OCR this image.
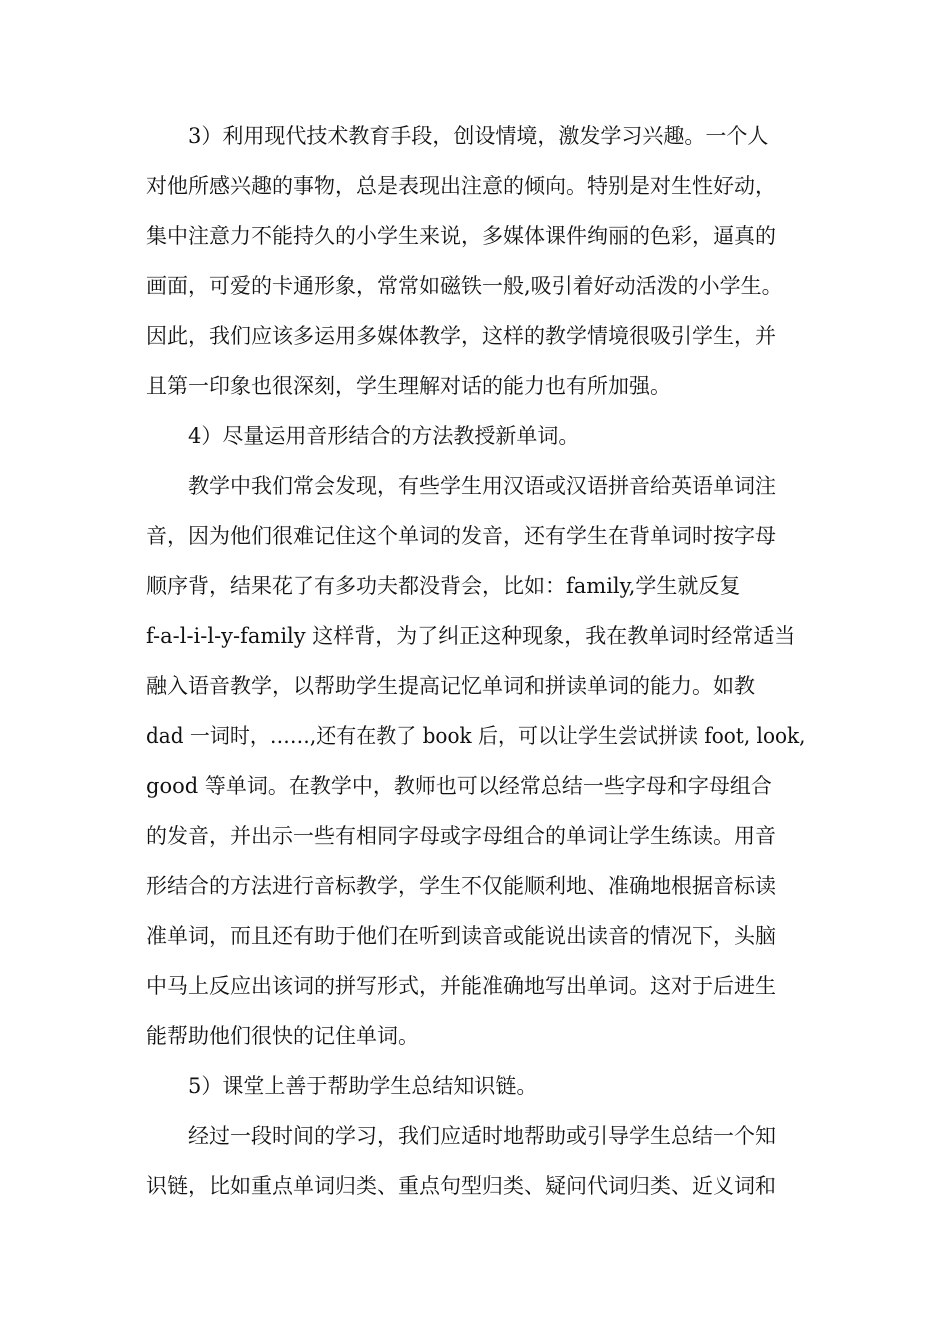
3）利用现代技术教育手段，创设情境，激发学习兴趣。一个人
对他所感兴趣的事物，总是表现出注意的倾向。特别是对生性好动，
集中注意力不能持久的小学生来说，多媒体课件绚丽的色彩，逼真的
画面，可爱的卡通形象，常常如磁铁一般,吸引着好动活泼的小学生。
因此，我们应该多运用多媒体教学，这样的教学情境很吸引学生，并
且第一印象也很深刻，学生理解对话的能力也有所加强。
4）尽量运用音形结合的方法教授新单词。
教学中我们常会发现，有些学生用汉语或汉语拼音给英语单词注
音，因为他们很难记住这个单词的发音，还有学生在背单词时按字母
顺序背，结果花了有多功夫都没背会，比如：family,学生就反复
f-a-l-i-l-y-family 这样背，为了纠正这种现象，我在教单词时经常适当
融入语音教学，以帮助学生提高记忆单词和拼读单词的能力。如教
dad 一词时，……,还有在教了 book 后，可以让学生尝试拼读 foot, look,
good 等单词。在教学中，教师也可以经常总结一些字母和字母组合
的发音，并出示一些有相同字母或字母组合的单词让学生练读。用音
形结合的方法进行音标教学，学生不仅能顺利地、准确地根据音标读
准单词，而且还有助于他们在听到读音或能说出读音的情况下，头脑
中马上反应出该词的拼写形式，并能准确地写出单词。这对于后进生
能帮助他们很快的记住单词。
5）课堂上善于帮助学生总结知识链。
经过一段时间的学习，我们应适时地帮助或引导学生总结一个知
识链，比如重点单词归类、重点句型归类、疑问代词归类、近义词和
